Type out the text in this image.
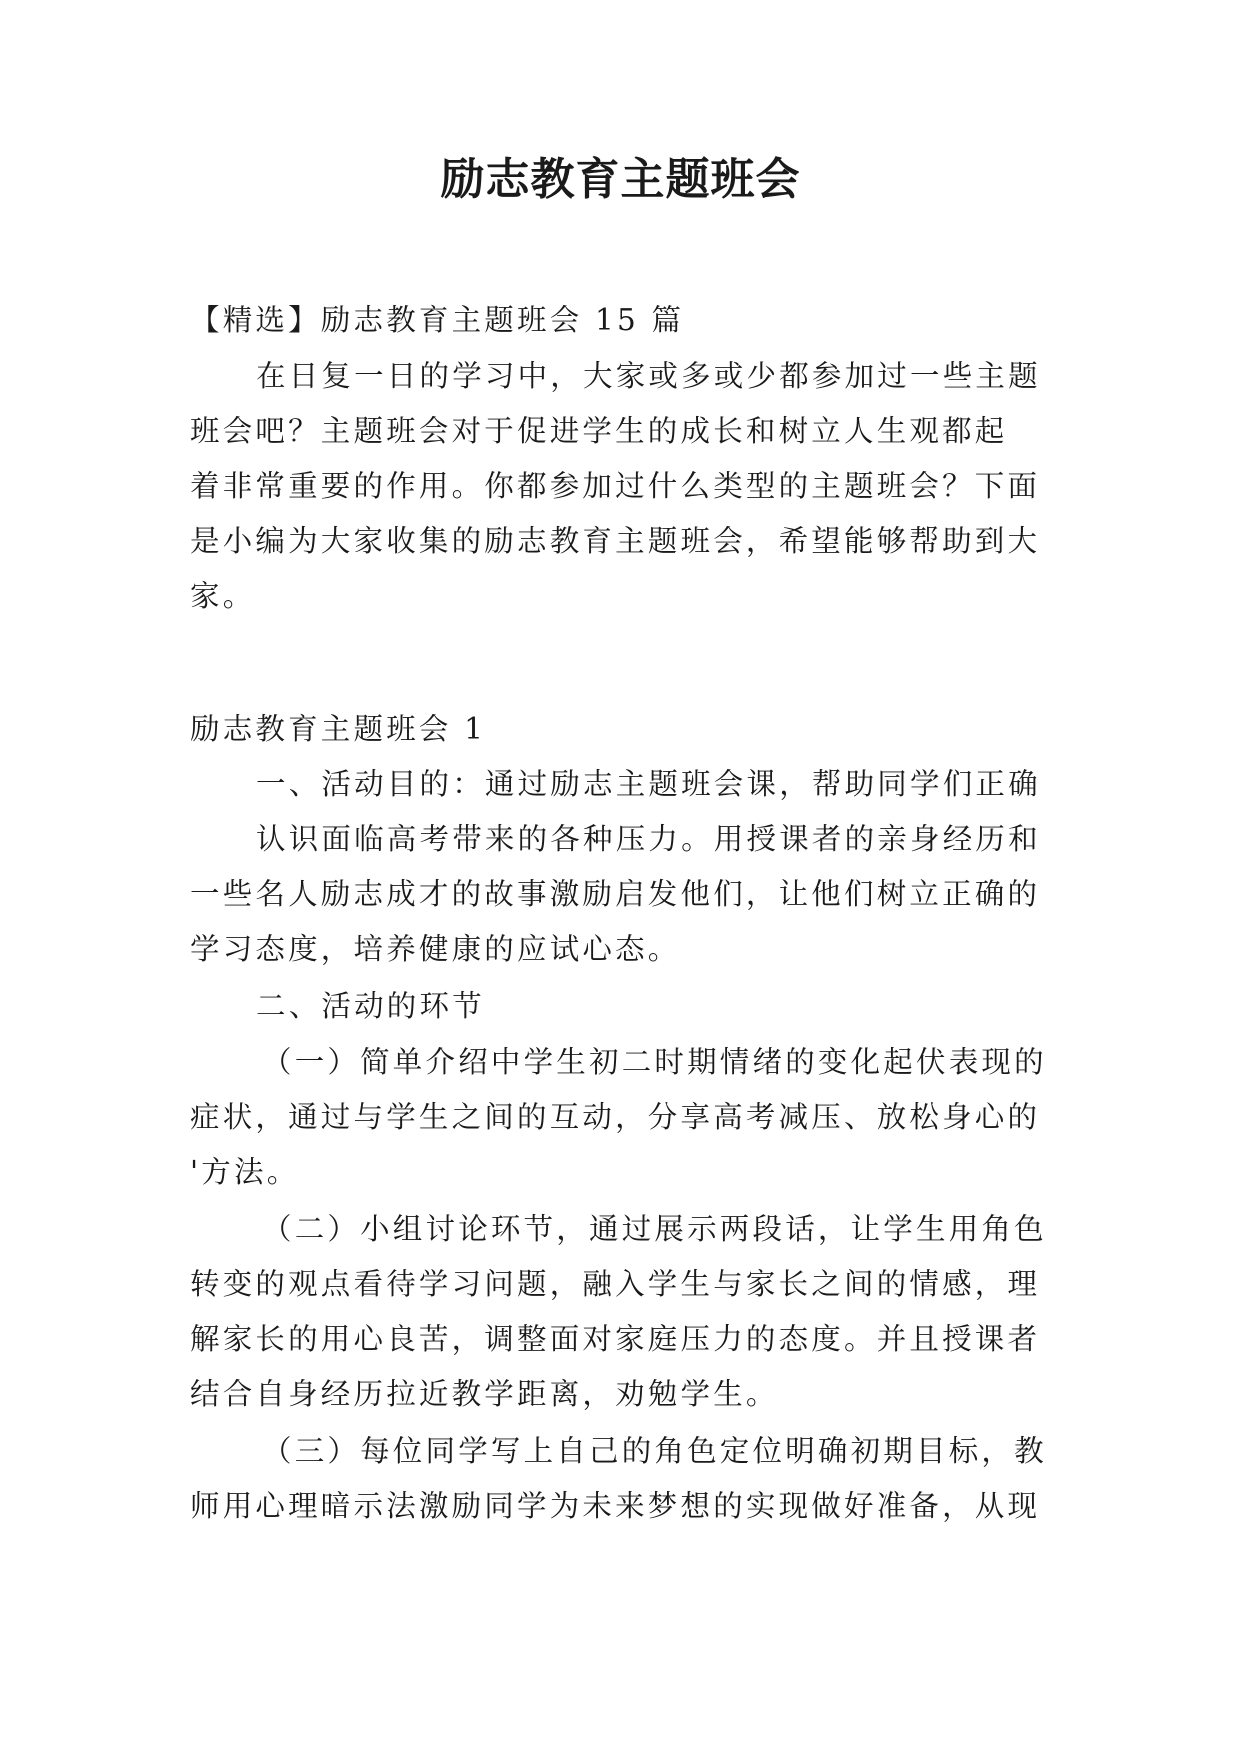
励志教育主题班会
【精选】励志教育主题班会 15 篇
在日复一日的学习中，大家或多或少都参加过一些主题
班会吧？主题班会对于促进学生的成长和树立人生观都起
着非常重要的作用。你都参加过什么类型的主题班会？下面
是小编为大家收集的励志教育主题班会，希望能够帮助到大
家。
励志教育主题班会 1
一、活动目的：通过励志主题班会课，帮助同学们正确
认识面临高考带来的各种压力。用授课者的亲身经历和
一些名人励志成才的故事激励启发他们，让他们树立正确的
学习态度，培养健康的应试心态。
二、活动的环节
（一）简单介绍中学生初二时期情绪的变化起伏表现的
症状，通过与学生之间的互动，分享高考减压、放松身心的
'方法。
（二）小组讨论环节，通过展示两段话，让学生用角色
转变的观点看待学习问题，融入学生与家长之间的情感，理
解家长的用心良苦，调整面对家庭压力的态度。并且授课者
结合自身经历拉近教学距离，劝勉学生。
（三）每位同学写上自己的角色定位明确初期目标，教
师用心理暗示法激励同学为未来梦想的实现做好准备，从现
